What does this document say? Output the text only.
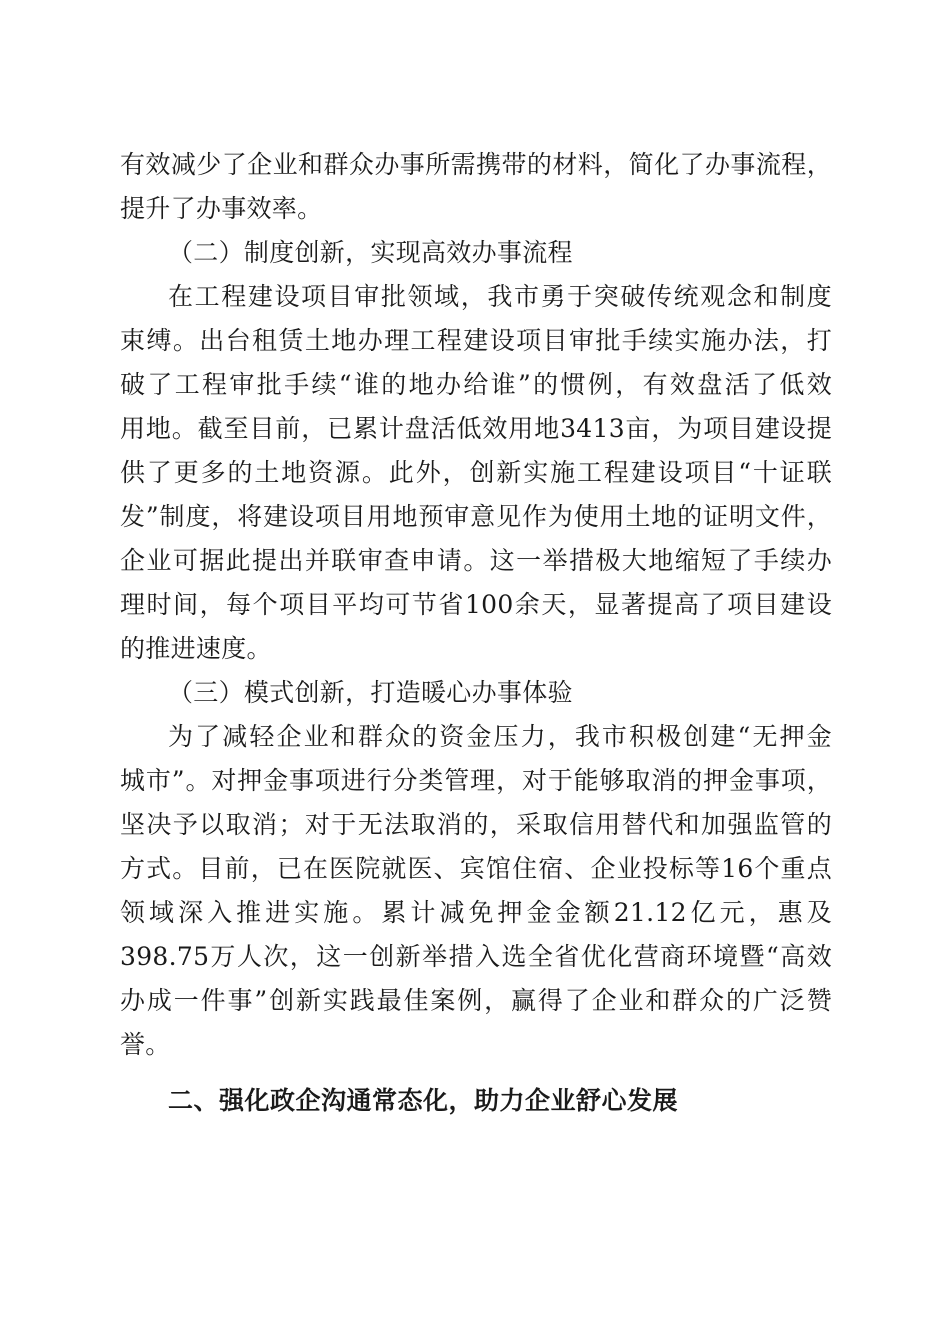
有效减少了企业和群众办事所需携带的材料，简化了办事流程，
提升了办事效率。
（二）制度创新，实现高效办事流程
在工程建设项目审批领域，我市勇于突破传统观念和制度
束缚。出台租赁土地办理工程建设项目审批手续实施办法，打
破了工程审批手续“谁的地办给谁”的惯例，有效盘活了低效
用地。截至目前，已累计盘活低效用地3413亩，为项目建设提
供了更多的土地资源。此外，创新实施工程建设项目“十证联
发”制度，将建设项目用地预审意见作为使用土地的证明文件，
企业可据此提出并联审查申请。这一举措极大地缩短了手续办
理时间，每个项目平均可节省100余天，显著提高了项目建设
的推进速度。
（三）模式创新，打造暖心办事体验
为了减轻企业和群众的资金压力，我市积极创建“无押金
城市”。对押金事项进行分类管理，对于能够取消的押金事项，
坚决予以取消；对于无法取消的，采取信用替代和加强监管的
方式。目前，已在医院就医、宾馆住宿、企业投标等16个重点
领域深入推进实施。累计减免押金金额21.12亿元，惠及
398.75万人次，这一创新举措入选全省优化营商环境暨“高效
办成一件事”创新实践最佳案例，赢得了企业和群众的广泛赞
誉。
二、强化政企沟通常态化，助力企业舒心发展
